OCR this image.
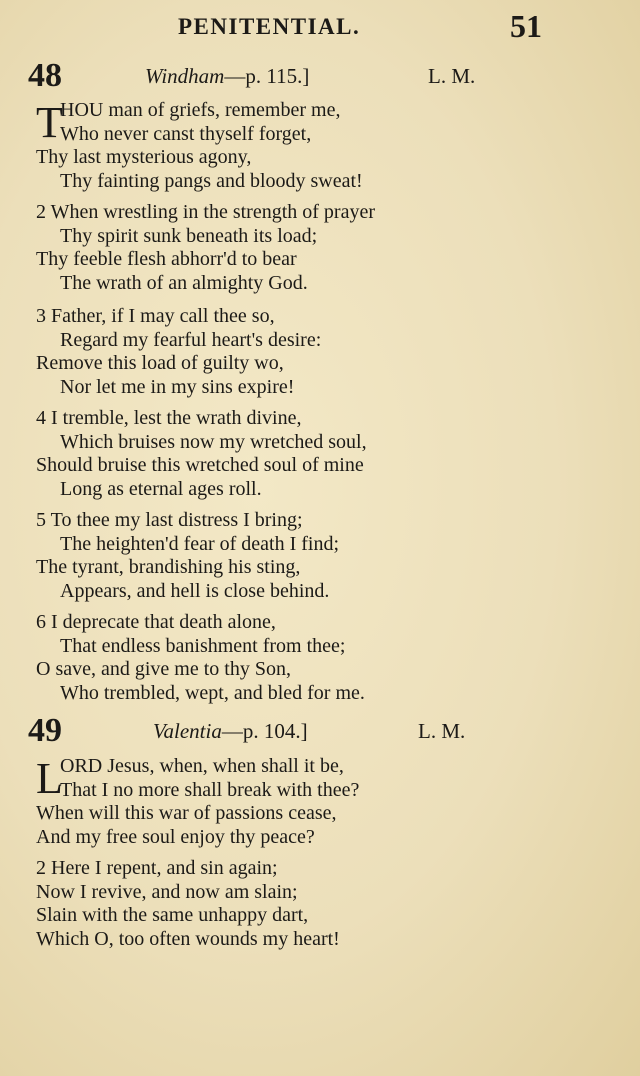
PENITENTIAL.	51
48	Windham—p. 115.]	L. M.
T
HOU man of griefs, remember me,
Who never canst thyself forget,
Thy last mysterious agony,
Thy fainting pangs and bloody sweat!
2 When wrestling in the strength of prayer
Thy spirit sunk beneath its load;
Thy feeble flesh abhorr'd to bear
The wrath of an almighty God.
3 Father, if I may call thee so,
Regard my fearful heart's desire:
Remove this load of guilty wo,
Nor let me in my sins expire!
4 I tremble, lest the wrath divine,
Which bruises now my wretched soul,
Should bruise this wretched soul of mine
Long as eternal ages roll.
5 To thee my last distress I bring;
The heighten'd fear of death I find;
The tyrant, brandishing his sting,
Appears, and hell is close behind.
6 I deprecate that death alone,
That endless banishment from thee;
O save, and give me to thy Son,
Who trembled, wept, and bled for me.
49	Valentia—p. 104.]	L. M.
L
ORD Jesus, when, when shall it be,
That I no more shall break with thee?
When will this war of passions cease,
And my free soul enjoy thy peace?
2 Here I repent, and sin again;
Now I revive, and now am slain;
Slain with the same unhappy dart,
Which O, too often wounds my heart!
